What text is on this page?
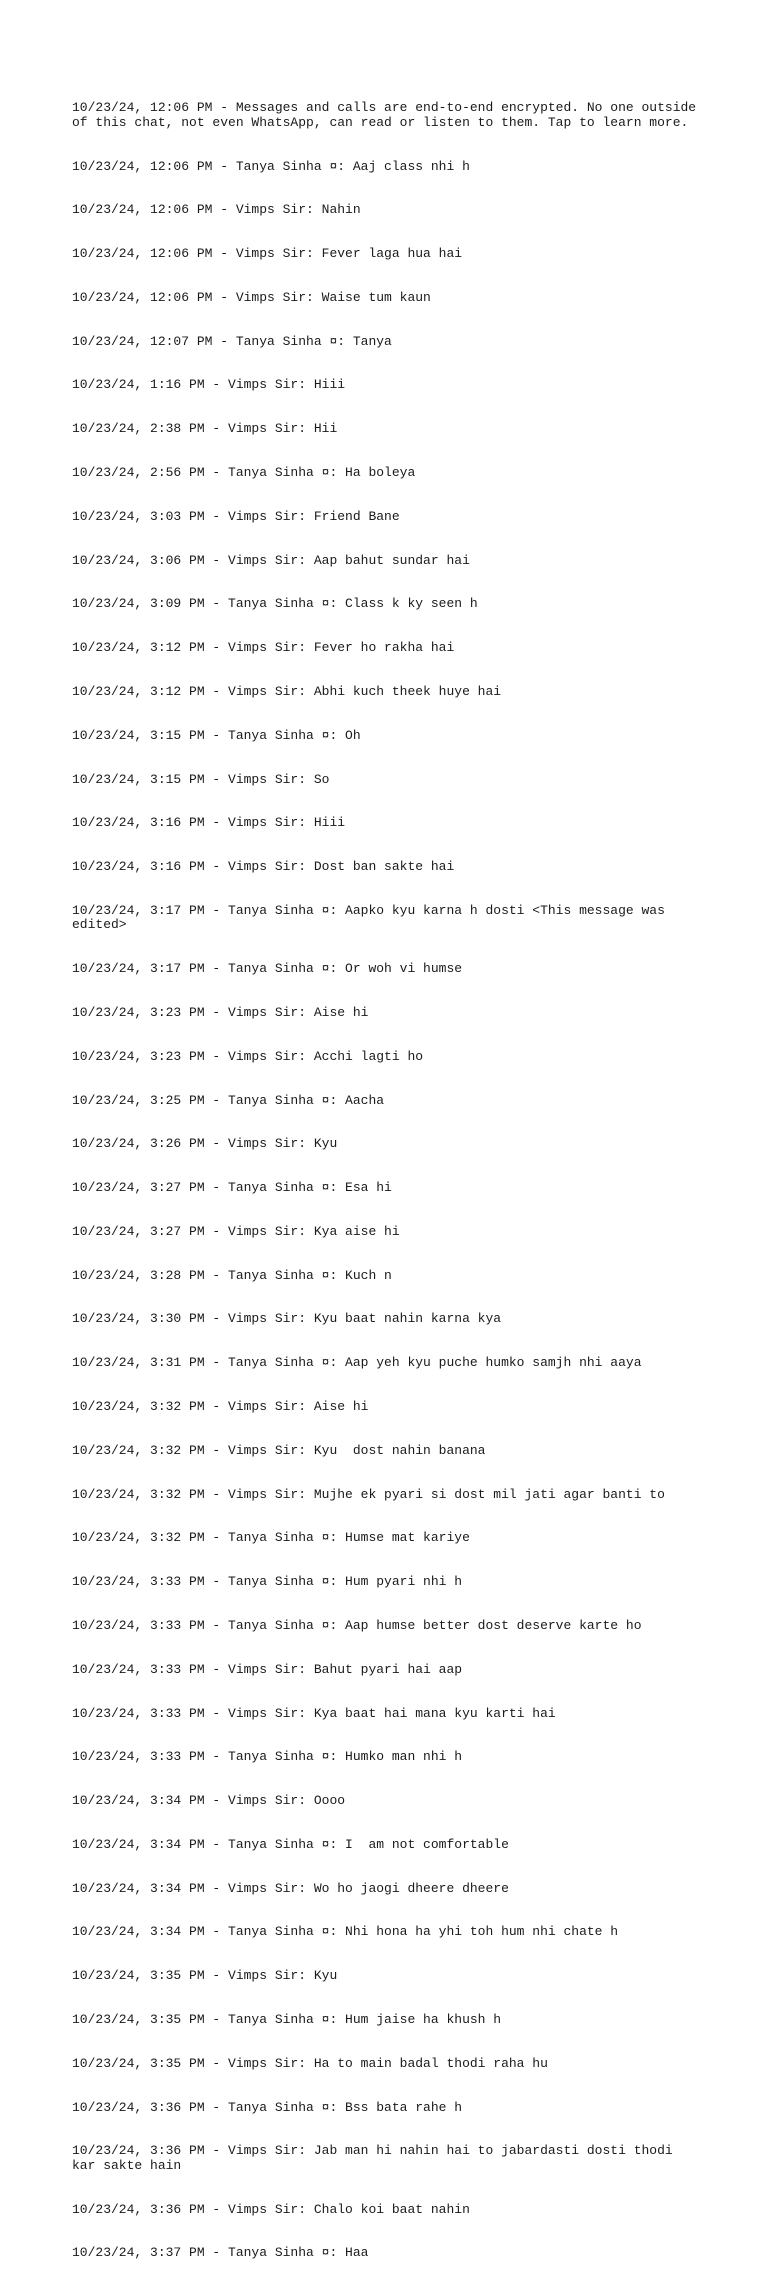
10/23/24, 12:06 PM - Messages and calls are end-to-end encrypted. No one outside of this chat, not even WhatsApp, can read or listen to them. Tap to learn more.

10/23/24, 12:06 PM - Tanya Sinha ¤: Aaj class nhi h

10/23/24, 12:06 PM - Vimps Sir: Nahin

10/23/24, 12:06 PM - Vimps Sir: Fever laga hua hai

10/23/24, 12:06 PM - Vimps Sir: Waise tum kaun

10/23/24, 12:07 PM - Tanya Sinha ¤: Tanya

10/23/24, 1:16 PM - Vimps Sir: Hiii

10/23/24, 2:38 PM - Vimps Sir: Hii

10/23/24, 2:56 PM - Tanya Sinha ¤: Ha boleya

10/23/24, 3:03 PM - Vimps Sir: Friend Bane

10/23/24, 3:06 PM - Vimps Sir: Aap bahut sundar hai

10/23/24, 3:09 PM - Tanya Sinha ¤: Class k ky seen h

10/23/24, 3:12 PM - Vimps Sir: Fever ho rakha hai

10/23/24, 3:12 PM - Vimps Sir: Abhi kuch theek huye hai

10/23/24, 3:15 PM - Tanya Sinha ¤: Oh

10/23/24, 3:15 PM - Vimps Sir: So

10/23/24, 3:16 PM - Vimps Sir: Hiii

10/23/24, 3:16 PM - Vimps Sir: Dost ban sakte hai

10/23/24, 3:17 PM - Tanya Sinha ¤: Aapko kyu karna h dosti <This message was edited>

10/23/24, 3:17 PM - Tanya Sinha ¤: Or woh vi humse

10/23/24, 3:23 PM - Vimps Sir: Aise hi

10/23/24, 3:23 PM - Vimps Sir: Acchi lagti ho

10/23/24, 3:25 PM - Tanya Sinha ¤: Aacha

10/23/24, 3:26 PM - Vimps Sir: Kyu

10/23/24, 3:27 PM - Tanya Sinha ¤: Esa hi

10/23/24, 3:27 PM - Vimps Sir: Kya aise hi

10/23/24, 3:28 PM - Tanya Sinha ¤: Kuch n

10/23/24, 3:30 PM - Vimps Sir: Kyu baat nahin karna kya

10/23/24, 3:31 PM - Tanya Sinha ¤: Aap yeh kyu puche humko samjh nhi aaya

10/23/24, 3:32 PM - Vimps Sir: Aise hi

10/23/24, 3:32 PM - Vimps Sir: Kyu  dost nahin banana

10/23/24, 3:32 PM - Vimps Sir: Mujhe ek pyari si dost mil jati agar banti to

10/23/24, 3:32 PM - Tanya Sinha ¤: Humse mat kariye

10/23/24, 3:33 PM - Tanya Sinha ¤: Hum pyari nhi h

10/23/24, 3:33 PM - Tanya Sinha ¤: Aap humse better dost deserve karte ho

10/23/24, 3:33 PM - Vimps Sir: Bahut pyari hai aap

10/23/24, 3:33 PM - Vimps Sir: Kya baat hai mana kyu karti hai

10/23/24, 3:33 PM - Tanya Sinha ¤: Humko man nhi h

10/23/24, 3:34 PM - Vimps Sir: Oooo

10/23/24, 3:34 PM - Tanya Sinha ¤: I  am not comfortable

10/23/24, 3:34 PM - Vimps Sir: Wo ho jaogi dheere dheere

10/23/24, 3:34 PM - Tanya Sinha ¤: Nhi hona ha yhi toh hum nhi chate h

10/23/24, 3:35 PM - Vimps Sir: Kyu

10/23/24, 3:35 PM - Tanya Sinha ¤: Hum jaise ha khush h

10/23/24, 3:35 PM - Vimps Sir: Ha to main badal thodi raha hu

10/23/24, 3:36 PM - Tanya Sinha ¤: Bss bata rahe h

10/23/24, 3:36 PM - Vimps Sir: Jab man hi nahin hai to jabardasti dosti thodi kar sakte hain

10/23/24, 3:36 PM - Vimps Sir: Chalo koi baat nahin

10/23/24, 3:37 PM - Tanya Sinha ¤: Haa
